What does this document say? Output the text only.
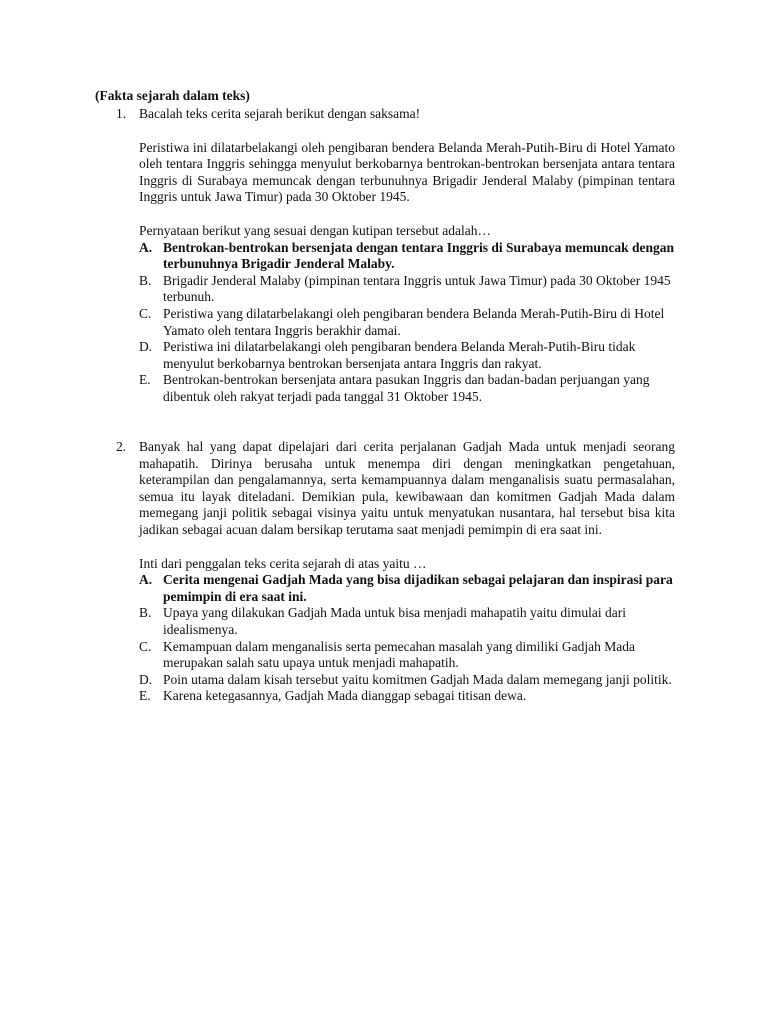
(Fakta sejarah dalam teks)
1. Bacalah teks cerita sejarah berikut dengan saksama!
Peristiwa ini dilatarbelakangi oleh pengibaran bendera Belanda Merah-Putih-Biru di Hotel Yamato oleh tentara Inggris sehingga menyulut berkobarnya bentrokan-bentrokan bersenjata antara tentara Inggris di Surabaya memuncak dengan terbunuhnya Brigadir Jenderal Malaby (pimpinan tentara Inggris untuk Jawa Timur) pada 30 Oktober 1945.
Pernyataan berikut yang sesuai dengan kutipan tersebut adalah…
A. Bentrokan-bentrokan bersenjata dengan tentara Inggris di Surabaya memuncak dengan terbunuhnya Brigadir Jenderal Malaby.
B. Brigadir Jenderal Malaby (pimpinan tentara Inggris untuk Jawa Timur) pada 30 Oktober 1945 terbunuh.
C. Peristiwa yang dilatarbelakangi oleh pengibaran bendera Belanda Merah-Putih-Biru di Hotel Yamato oleh tentara Inggris berakhir damai.
D. Peristiwa ini dilatarbelakangi oleh pengibaran bendera Belanda Merah-Putih-Biru tidak menyulut berkobarnya bentrokan bersenjata antara Inggris dan rakyat.
E. Bentrokan-bentrokan bersenjata antara pasukan Inggris dan badan-badan perjuangan yang dibentuk oleh rakyat terjadi pada tanggal 31 Oktober 1945.
2. Banyak hal yang dapat dipelajari dari cerita perjalanan Gadjah Mada untuk menjadi seorang mahapatih. Dirinya berusaha untuk menempa diri dengan meningkatkan pengetahuan, keterampilan dan pengalamannya, serta kemampuannya dalam menganalisis suatu permasalahan, semua itu layak diteladani. Demikian pula, kewibawaan dan komitmen Gadjah Mada dalam memegang janji politik sebagai visinya yaitu untuk menyatukan nusantara, hal tersebut bisa kita jadikan sebagai acuan dalam bersikap terutama saat menjadi pemimpin di era saat ini.
Inti dari penggalan teks cerita sejarah di atas yaitu …
A. Cerita mengenai Gadjah Mada yang bisa dijadikan sebagai pelajaran dan inspirasi para pemimpin di era saat ini.
B. Upaya yang dilakukan Gadjah Mada untuk bisa menjadi mahapatih yaitu dimulai dari idealismenya.
C. Kemampuan dalam menganalisis serta pemecahan masalah yang dimiliki Gadjah Mada merupakan salah satu upaya untuk menjadi mahapatih.
D. Poin utama dalam kisah tersebut yaitu komitmen Gadjah Mada dalam memegang janji politik.
E. Karena ketegasannya, Gadjah Mada dianggap sebagai titisan dewa.
